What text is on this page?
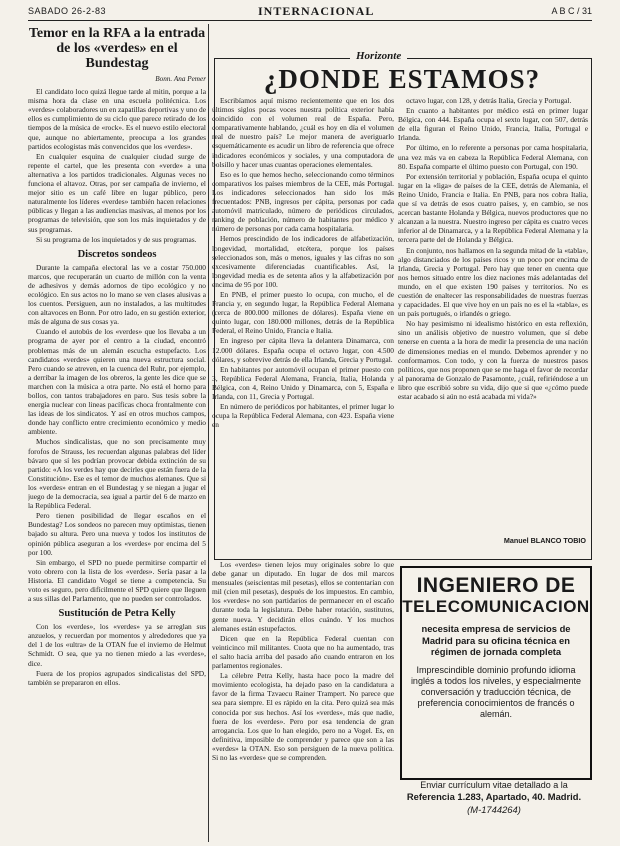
SABADO 26-2-83	INTERNACIONAL	A B C / 31
Temor en la RFA a la entrada de los «verdes» en el Bundestag
Bonn. Ana Pemer

El candidato loco quizá llegue tarde al mitin, porque a la misma hora da clase en una escuela politécnica. Los «verdes» colaboradores un en zapatillas deportivas y uno de ellos es cumplimiento de su ciclo que parece retirado de los tiempos de la música de «rock». Es el nuevo estilo electoral que, aunque no abiertamente, preocupa a los grandes partidos ecologistas más convencidos que los «verdes».

En cualquier esquina de cualquier ciudad surge de repente el cartel, que les presenta con «verde» a una alternativa a los partidos tradicionales. Algunas veces no funciona el altavoz. Otras, por ser campaña de invierno, el mejor sitio es un café libre en lugar público, pero naturalmente los líderes «verdes» también hacen relaciones públicas y llegan a las audiencias masivas, al menos por los programas de televisión, que son los más inquietados y de sus programas.

Si su programa de los inquietados y de sus programas.

Discretos sondeos

Durante la campaña electoral las ve a costar 750.000 marcos, que recuperarán un cuarto de millón con la venta de adhesivos y demás adornos de tipo ecológico y no ecológico. En sus actos no lo mano se ven clases alusivas a los cuentos. Persiguen, aun no instalados, a las multitudes con altavoces en Bonn. Por otro lado, en su gestión exterior, más de alguna de sus cosas ya.

Cuando el autobús de los «verdes» que los llevaba a un programa de ayer por el centro a la ciudad, encontró problemas más de un alemán escucha estupefacto. Los candidatos «verdes» quieren una nueva estructura social. Pero cuando se atreven, en la cuenca del Ruhr, por ejemplo, a derribar la imagen de los obreros, la gente les dice que se marchen con la música a otra parte. No está el horno para bollos, con tantos trabajadores en paro. Sus tesis sobre la energía nuclear con lineas pacíficas choca frontalmente con las ideas de los sindicatos. Y así en otros muchos campos, donde hay conflicto entre crecimiento económico y medio ambiente.

Muchos sindicalistas, que no son precisamente muy forofos de Strauss, les recuerdan algunas palabras del líder bávaro que sí les podrían provocar debida extinción de su partido: «A los verdes hay que decirles que están fuera de la Constitución». Ese es el temor de muchos alemanes. Que si los «verdes» entran en el Bundestag y se niegan a jugar el juego de la democracia, sea igual a partir del 6 de marzo en la República Federal.

Pero tienen posibilidad de llegar escaños en el Bundestag? Los sondeos no parecen muy optimistas, tienen bajado su altura. Pero una nueva y todos los institutos de opinión pública aseguran a los «verdes» por encima del 5 por 100.

Sin embargo, el SPD no puede permitirse compartir el voto obrero con la lista de los «verdes». Sería pasar a la Historia. El candidato Vogel se tiene a competencia. Su voto es seguro, pero difícilmente el SPD quiere que lleguen a sus sillas del Parlamento, que no pueden ser controlados.

Sustitución de Petra Kelly

Con los «verdes», los «verdes» ya se arreglan sus anzuelos, y recuerdan por momentos y alrededores que ya del 1 de los «ultra» de la OTAN fue el invierno de Helmut Schmidt. O sea, que ya no tienen miedo a las «verdes», dice.

Fuera de los propios agrupados sindicalistas del SPD, también se prepararon en ellos.

Horizonte
¿DONDE ESTAMOS?

Escribíamos aquí mismo recientemente que en los dos últimos siglos pocas voces nuestra política exterior había coincidido con el volumen real de España. Pero, comparativamente hablando, ¿cuál es hoy en día el volumen real de nuestro país? Le mejor manera de averiguarlo esquemáticamente es acudir un libro de referencia que ofrece indicadores económicos y sociales, y una computadora de bolsillo y hacer unas cuantas operaciones elementales.

Eso es lo que hemos hecho, seleccionando como términos comparativos los países miembros de la CEE, más Portugal. Los indicadores seleccionados han sido los más frecuentados: PNB, ingresos per cápita, personas por cada automóvil matriculado, número de periódicos circulados, ranking de población, número de habitantes por médico y número de personas por cada cama hospitalaria.

Hemos prescindido de los indicadores de alfabetización, longevidad, mortalidad, etcétera, porque los países seleccionados son, más o menos, iguales y las cifras no son excesivamente diferenciadas cuantificables. Así, la longevidad media es de setenta años y la alfabetización por encima de 95 por 100.

En PNB, el primer puesto lo ocupa, con mucho, el de Francia y, en segundo lugar, la República Federal Alemana (cerca de 800.000 millones de dólares). España viene en quinto lugar, con 180.000 millones, detrás de la República Federal, el Reino Unido, Francia e Italia.

En ingreso per cápita lleva la delantera Dinamarca, con 12.000 dólares. España ocupa el octavo lugar, con 4.500 dólares, y sobrevive detrás de ella Irlanda, Grecia y Portugal.

En habitantes por automóvil ocupan el primer puesto con 3, República Federal Alemana, Francia, Italia, Holanda y Bélgica, con 4, Reino Unido y Dinamarca, con 5, España e Irlanda, con 11, Grecia y Portugal.

En número de periódicos por habitantes, el primer lugar lo ocupa la República Federal Alemana, con 423. España viene en

octavo lugar, con 128, y detrás Italia, Grecia y Portugal.

En cuanto a habitantes por médico está en primer lugar Bélgica, con 444. España ocupa el sexto lugar, con 507, detrás de ella figuran el Reino Unido, Francia, Italia, Portugal e Irlanda.

Por último, en lo referente a personas por cama hospitalaria, una vez más va en cabeza la República Federal Alemana, con 80. España comparte el último puesto con Portugal, con 190.

Por extensión territorial y población, España ocupa el quinto lugar en la «liga» de países de la CEE, detrás de Alemania, el Reino Unido, Francia e Italia. En PNB, para nos cobra Italia, que sí va detrás de esos cuatro países, y, en cambio, se nos acercan bastante Holanda y Bélgica, nuevos productores que no alcanzan a la nuestra. Nuestro ingreso per cápita es cuatro veces inferior al de Dinamarca, y a la República Federal Alemana y la tercera parte del de Holanda y Bélgica.

En conjunto, nos hallamos en la segunda mitad de la «tabla», algo distanciados de los países ricos y un poco por encima de Irlanda, Grecia y Portugal. Pero hay que tener en cuenta que nos hemos situado entre los diez naciones más adelantadas del mundo, en el que existen 190 países y territorios. No es cuestión de enaltecer las responsabilidades de nuestras fuerzas y capacidades. El que vive hoy en un país no es el la «tabla», es un país portugués, o irlandés o griego.

No hay pesimismo ni idealismo histórico en esta reflexión, sino un análisis objetivo de nuestro volumen, que sí debe tenerse en cuenta a la hora de medir la presencia de una nación de dimensiones medias en el mundo. Debemos aprender y no conformarnos. Con todo, y con la fuerza de nuestros pasos políticos, que nos proponen que se me haga el favor de recordar al panorama de Gonzalo de Pasamonte, ¿cuál, refiriéndose a un libro que escribió sobre su vida, dijo que si que «¿cómo puede estar acabado si aún no está acabada mi vida?»

Manuel BLANCO TOBIO

Los «verdes» tienen lejos muy originales sobre lo que debe ganar un diputado. En lugar de dos mil marcos mensuales (seiscientas mil pesetas), ellos se contentarían con mil (cien mil pesetas), después de los impuestos. En cambio, los «verdes» no son partidarios de permanecer en el escaño durante toda la legislatura. Debe haber rotación, sustitutos, gente nueva. Y decidirán ellos cuándo. Y los muchos alemanes están estupefactos.

Dicen que en la República Federal cuentan con veinticinco mil militantes. Cuota que no ha aumentado, tras el salto hacia arriba del pasado año cuando entraron en los parlamentos regionales.

La célebre Petra Kelly, hasta hace poco la madre del movimiento ecologista, ha dejado paso en la candidatura a favor de la firma Tzvaecu Rainer Trampert. No parece que sea para siempre. El es rápido en la cita. Pero quizá sea más conocida por sus hechos. Así los «verdes», más que nadie, fuera de los «verdes». Pero por esa tendencia de gran arrogancia. Los que lo han elegido, pero no a Vogel. Es, en definitiva, imposible de comprender y parece que son a las «verdes» la OTAN. Eso son persiguen de la nueva política. Si no las «verdes» que se comprenden.

INGENIERO DE
TELECOMUNICACION
necesita empresa de servicios de Madrid para su oficina técnica en régimen de jornada completa
Imprescindible dominio profundo idioma inglés a todos los niveles, y especialmente conversación y traducción técnica, de preferencia conocimientos de francés o alemán.
Enviar currículum vitae detallado a la
Referencia 1.283, Apartado, 40. Madrid.
(M-1744264)
